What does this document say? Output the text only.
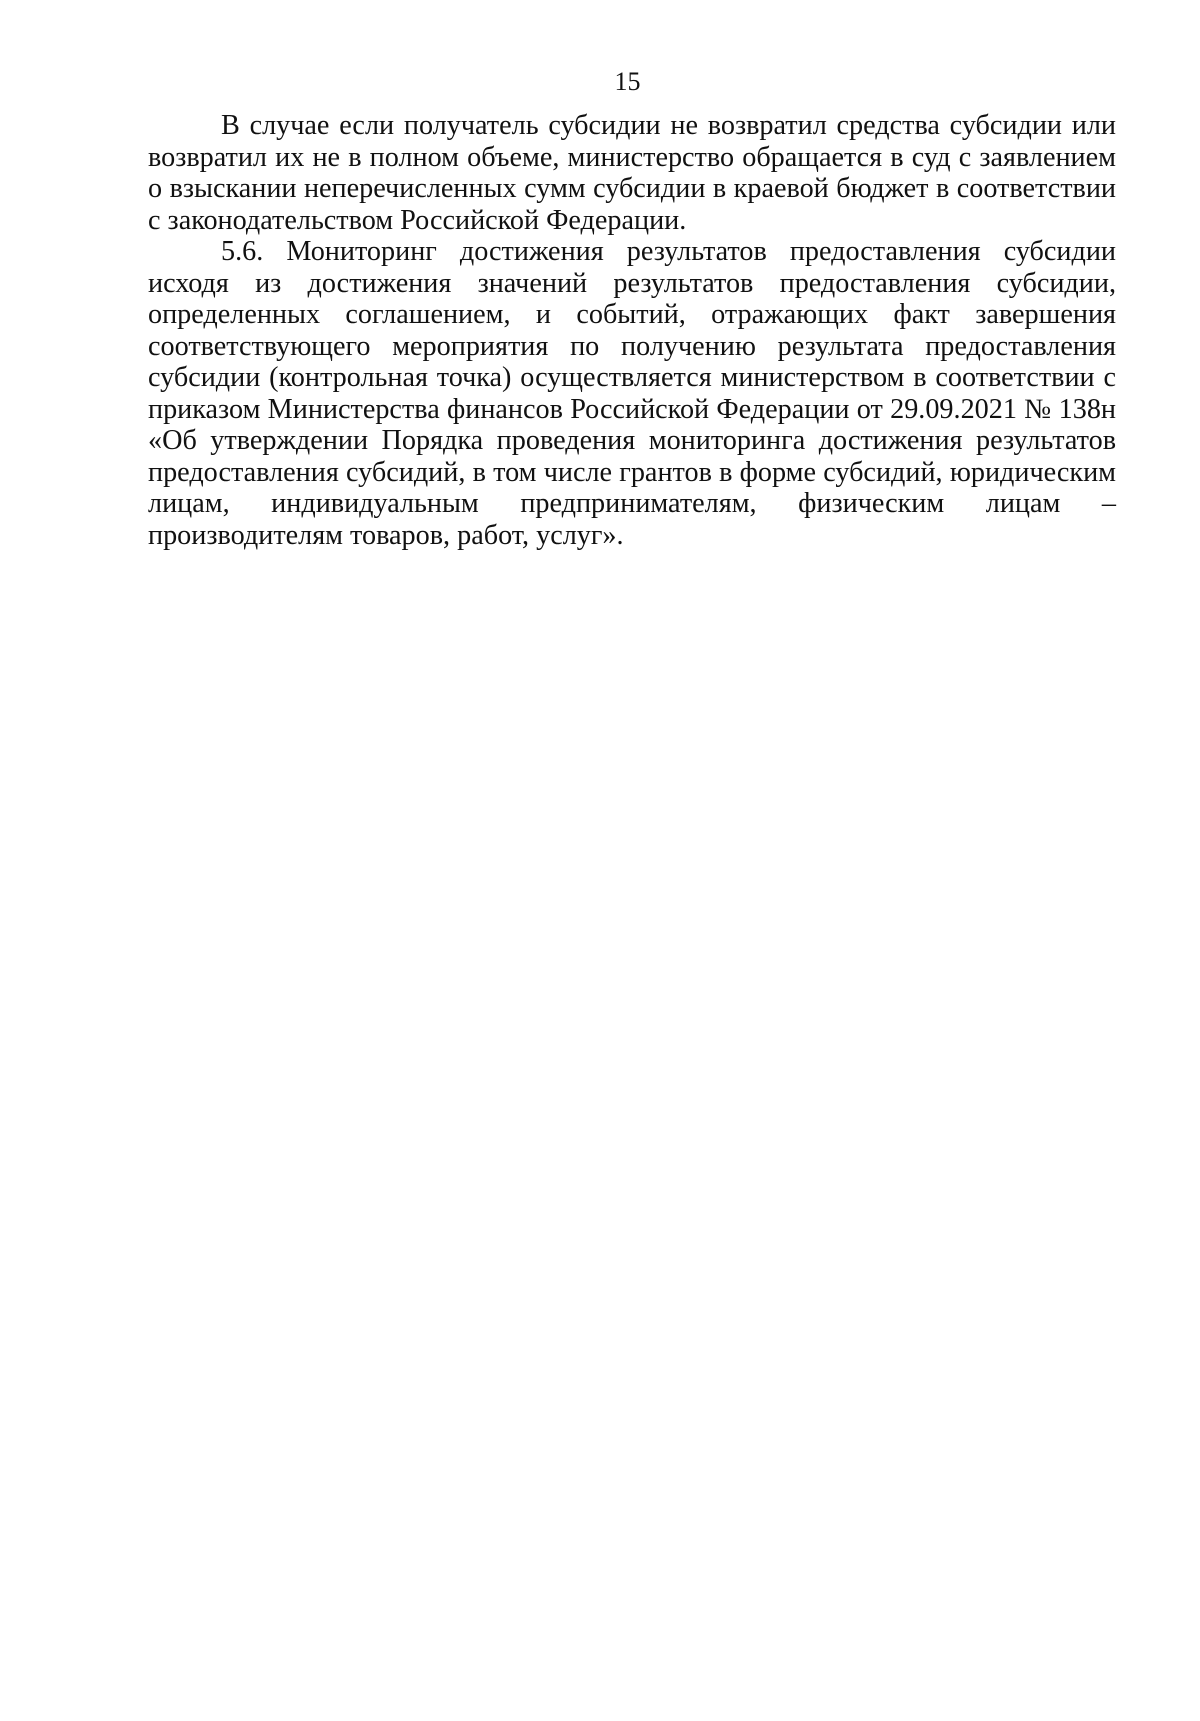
15

В случае если получатель субсидии не возвратил средства субсидии или возвратил их не в полном объеме, министерство обращается в суд с заявлением о взыскании неперечисленных сумм субсидии в краевой бюджет в соответствии с законодательством Российской Федерации.

5.6. Мониторинг достижения результатов предоставления субсидии исходя из достижения значений результатов предоставления субсидии, определенных соглашением, и событий, отражающих факт завершения соответствующего мероприятия по получению результата предоставления субсидии (контрольная точка) осуществляется министерством в соответствии с приказом Министерства финансов Российской Федерации от 29.09.2021 № 138н «Об утверждении Порядка проведения мониторинга достижения результатов предоставления субсидий, в том числе грантов в форме субсидий, юридическим лицам, индивидуальным предпринимателям, физическим лицам – производителям товаров, работ, услуг».
